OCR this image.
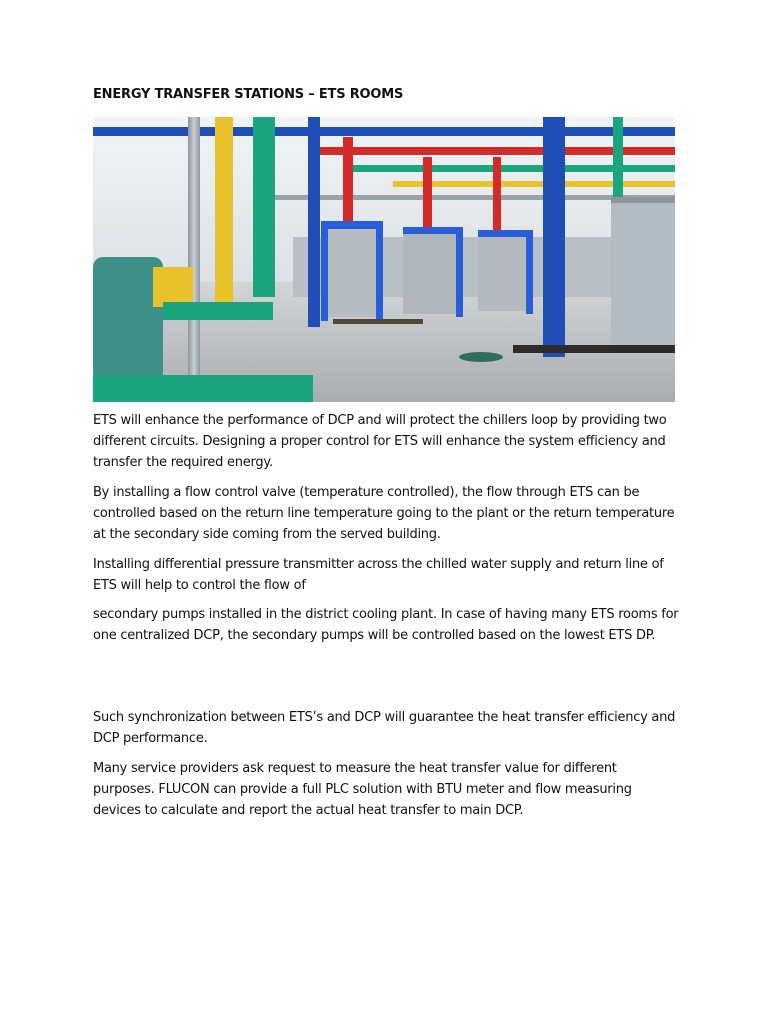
ENERGY TRANSFER STATIONS – ETS ROOMS

ETS will enhance the performance of DCP and will protect the chillers loop by providing two different circuits. Designing a proper control for ETS will enhance the system efficiency and transfer the required energy.

By installing a flow control valve (temperature controlled), the flow through ETS can be controlled based on the return line temperature going to the plant or the return temperature at the secondary side coming from the served building.

Installing differential pressure transmitter across the chilled water supply and return line of ETS will help to control the flow of

secondary pumps installed in the district cooling plant. In case of having many ETS rooms for one centralized DCP, the secondary pumps will be controlled based on the lowest ETS DP.

Such synchronization between ETS’s and DCP will guarantee the heat transfer efficiency and DCP performance.

Many service providers ask request to measure the heat transfer value for different purposes. FLUCON can provide a full PLC solution with BTU meter and flow measuring devices to calculate and report the actual heat transfer to main DCP.
